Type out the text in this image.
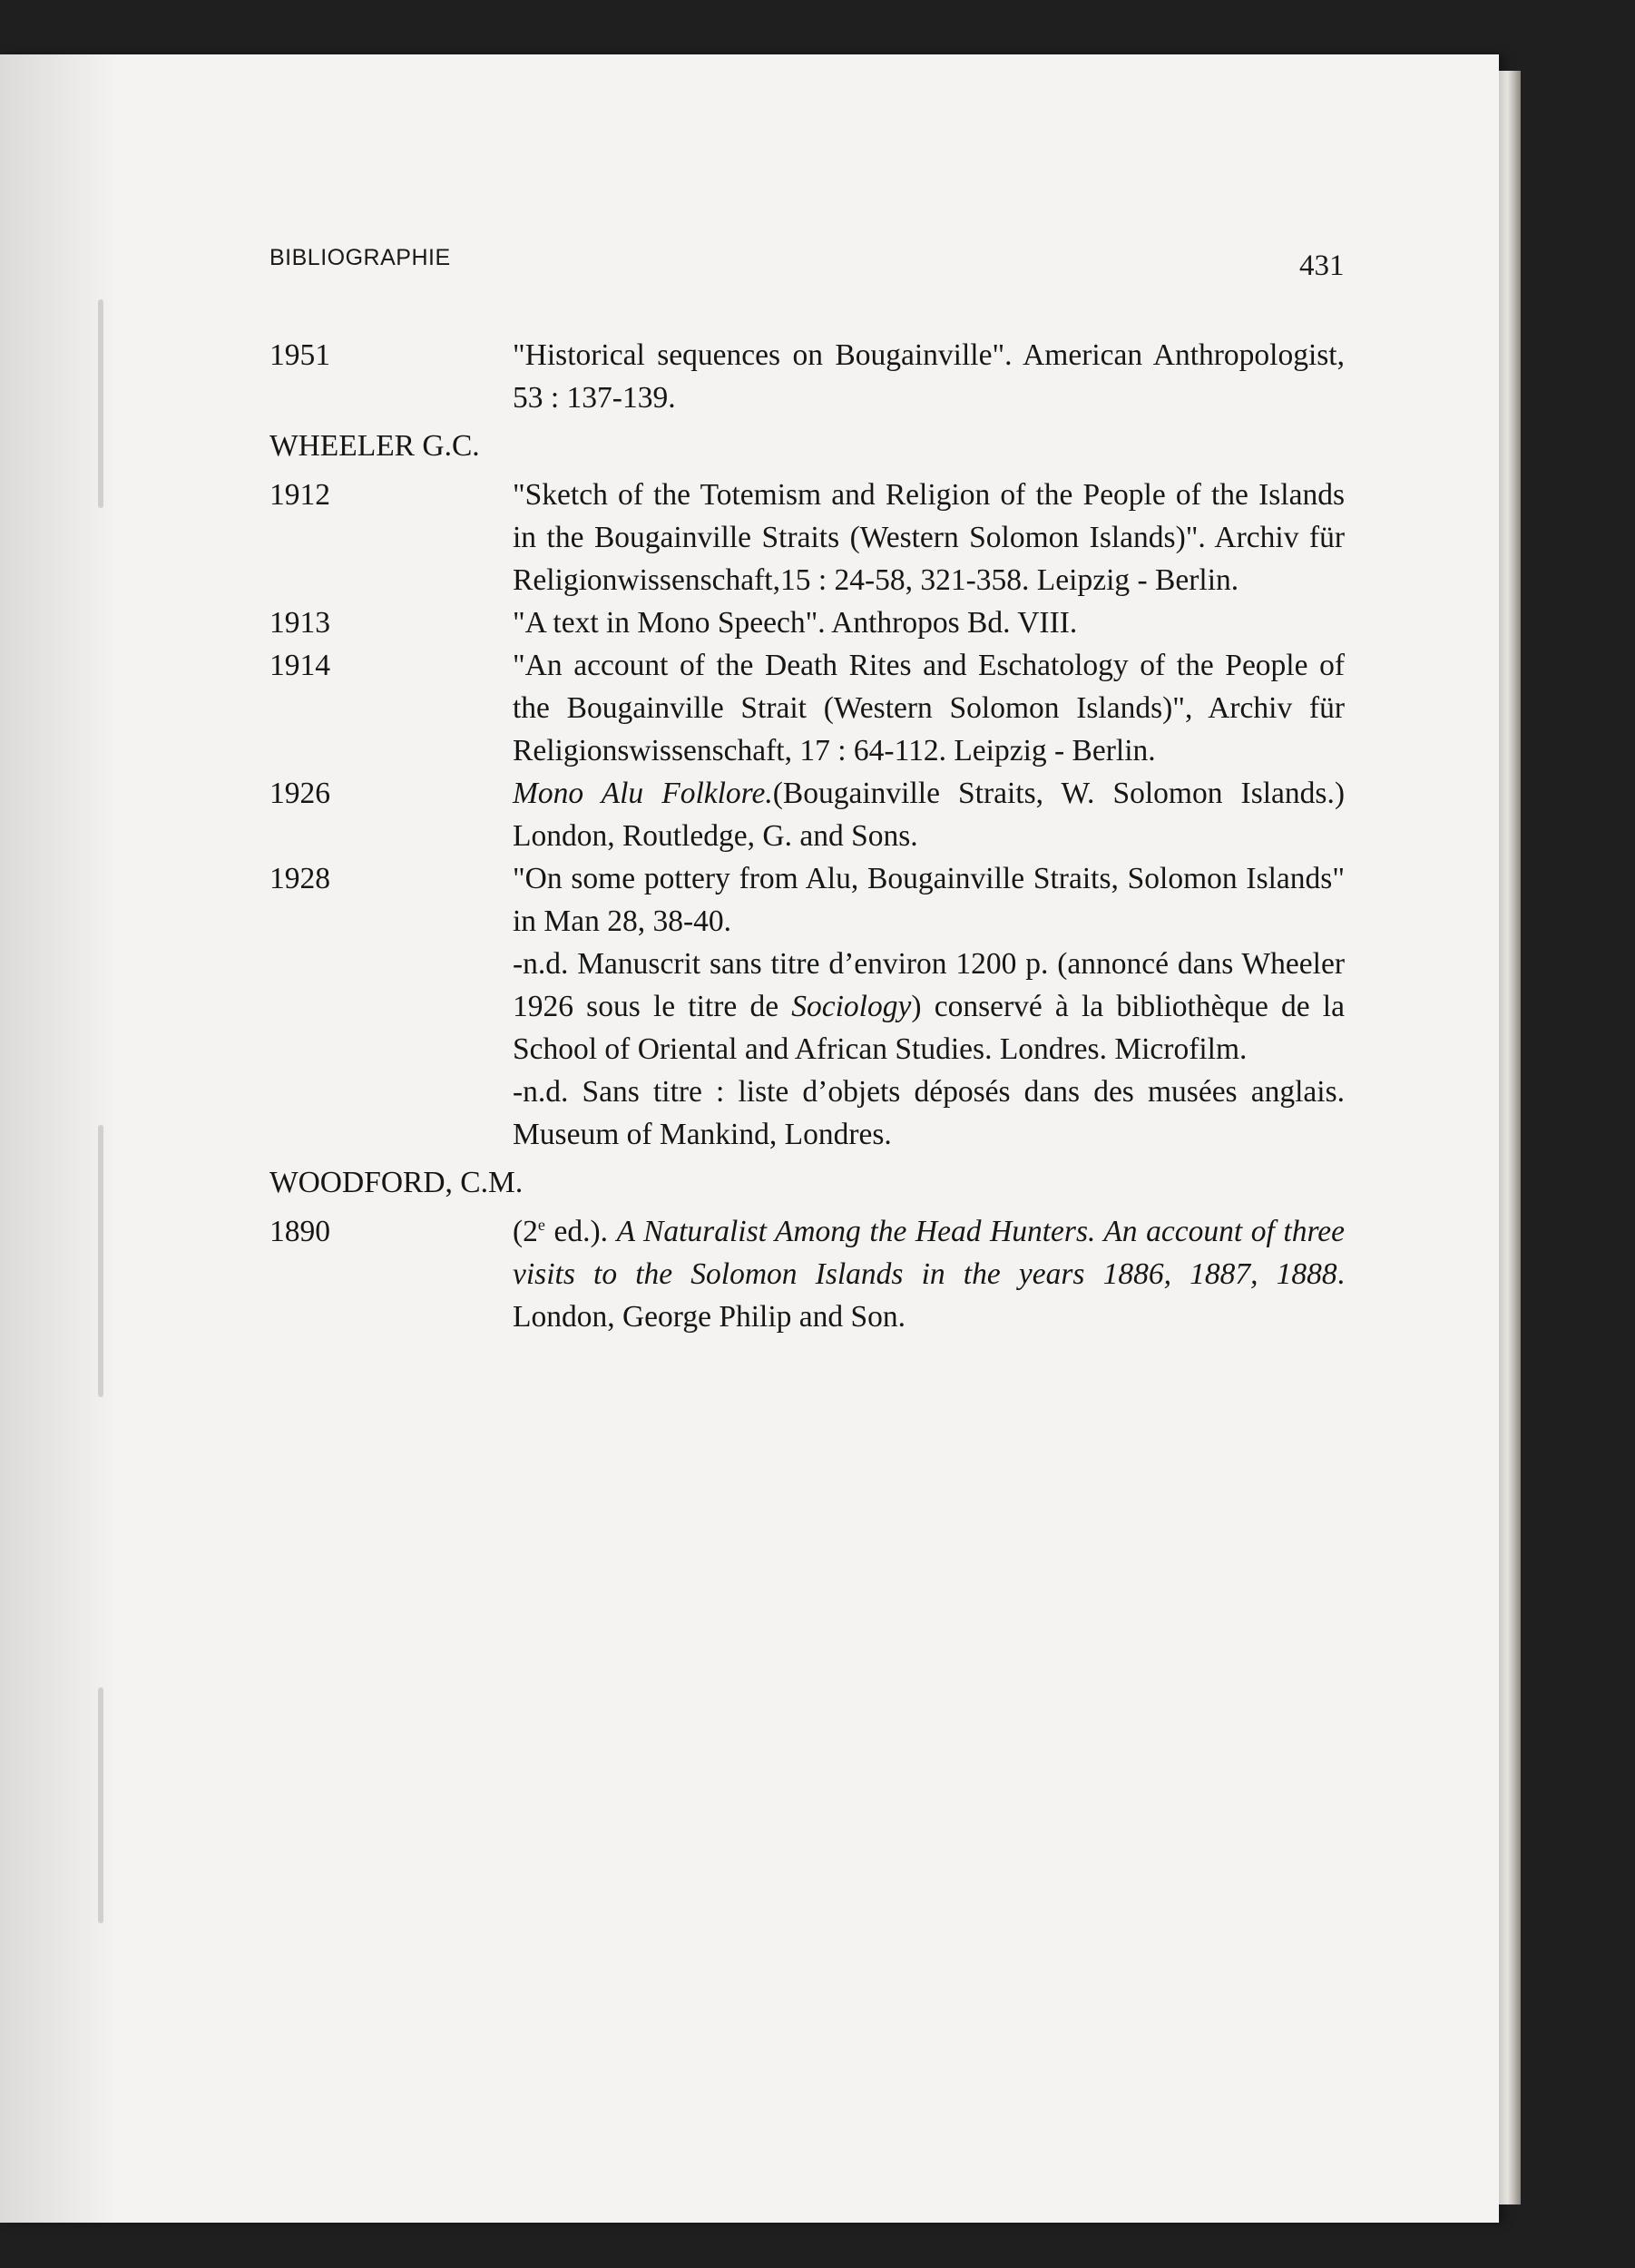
BIBLIOGRAPHIE	431
1951	"Historical sequences on Bougainville". American Anthropologist, 53 : 137-139.
WHEELER G.C.
1912	"Sketch of the Totemism and Religion of the People of the Islands in the Bougainville Straits (Western Solomon Islands)". Archiv für Religionwissenschaft,15 : 24-58, 321-358. Leipzig - Berlin.
1913	"A text in Mono Speech". Anthropos Bd. VIII.
1914	"An account of the Death Rites and Eschatology of the People of the Bougainville Strait (Western Solomon Islands)", Archiv für Religionswissenschaft, 17 : 64-112. Leipzig - Berlin.
1926	Mono Alu Folklore.(Bougainville Straits, W. Solomon Islands.) London, Routledge, G. and Sons.
1928	"On some pottery from Alu, Bougainville Straits, Solomon Islands" in Man 28, 38-40.
-n.d. Manuscrit sans titre d’environ 1200 p. (annoncé dans Wheeler 1926 sous le titre de Sociology) conservé à la bibliothèque de la School of Oriental and African Studies. Londres. Microfilm.
-n.d. Sans titre : liste d’objets déposés dans des musées anglais. Museum of Mankind, Londres.
WOODFORD, C.M.
1890	(2e ed.). A Naturalist Among the Head Hunters. An account of three visits to the Solomon Islands in the years 1886, 1887, 1888. London, George Philip and Son.
